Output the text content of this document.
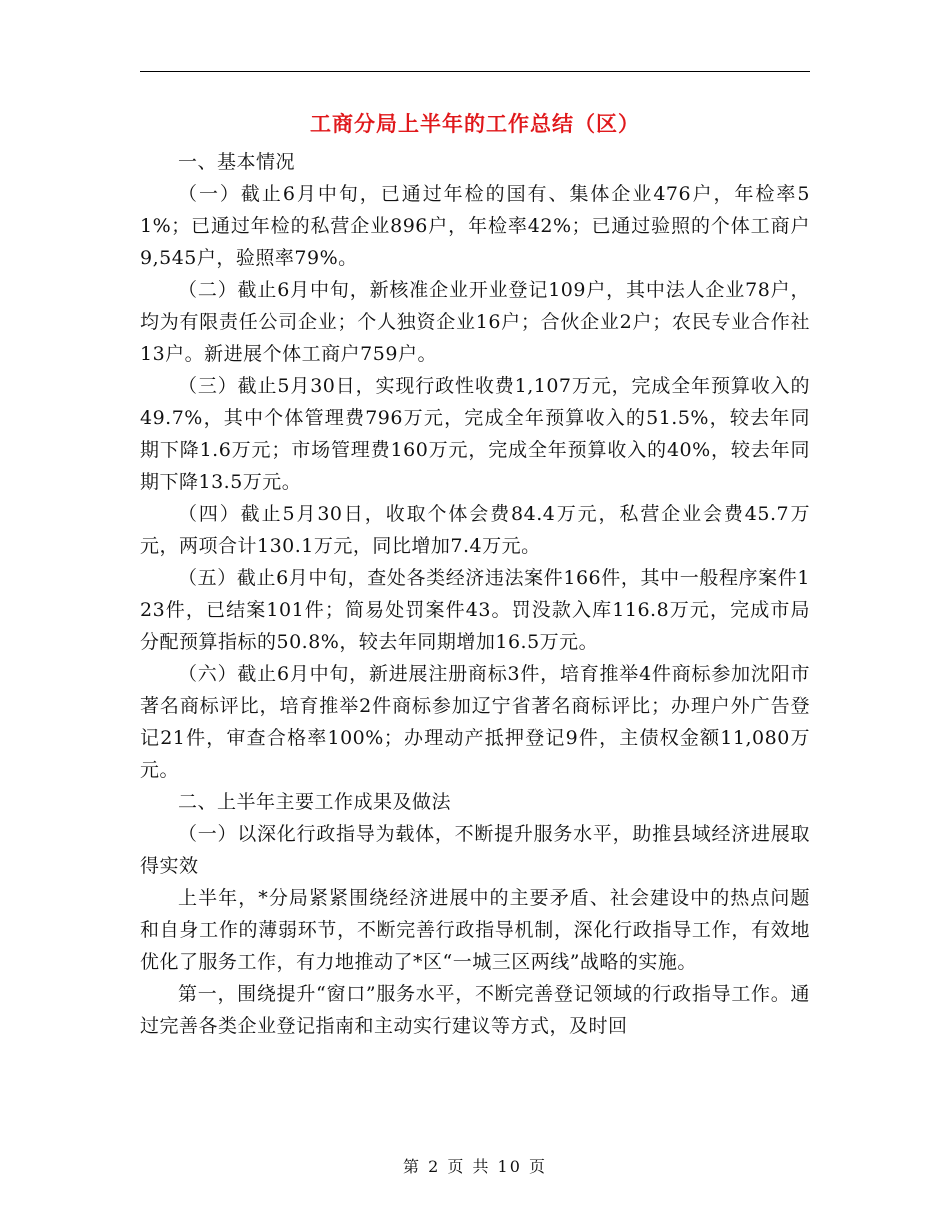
工商分局上半年的工作总结（区）

一、基本情况

（一）截止6月中旬，已通过年检的国有、集体企业476户，年检率51%；已通过年检的私营企业896户，年检率42%；已通过验照的个体工商户9,545户，验照率79%。

（二）截止6月中旬，新核准企业开业登记109户，其中法人企业78户，均为有限责任公司企业；个人独资企业16户；合伙企业2户；农民专业合作社13户。新进展个体工商户759户。

（三）截止5月30日，实现行政性收费1,107万元，完成全年预算收入的49.7%，其中个体管理费796万元，完成全年预算收入的51.5%，较去年同期下降1.6万元；市场管理费160万元，完成全年预算收入的40%，较去年同期下降13.5万元。

（四）截止5月30日，收取个体会费84.4万元，私营企业会费45.7万元，两项合计130.1万元，同比增加7.4万元。

（五）截止6月中旬，查处各类经济违法案件166件，其中一般程序案件123件，已结案101件；简易处罚案件43。罚没款入库116.8万元，完成市局分配预算指标的50.8%，较去年同期增加16.5万元。

（六）截止6月中旬，新进展注册商标3件，培育推举4件商标参加沈阳市著名商标评比，培育推举2件商标参加辽宁省著名商标评比；办理户外广告登记21件，审查合格率100%；办理动产抵押登记9件，主债权金额11,080万元。

二、上半年主要工作成果及做法

（一）以深化行政指导为载体，不断提升服务水平，助推县域经济进展取得实效

上半年，*分局紧紧围绕经济进展中的主要矛盾、社会建设中的热点问题和自身工作的薄弱环节，不断完善行政指导机制，深化行政指导工作，有效地优化了服务工作，有力地推动了*区“一城三区两线”战略的实施。

第一，围绕提升“窗口”服务水平，不断完善登记领域的行政指导工作。通过完善各类企业登记指南和主动实行建议等方式，及时回

第 2 页 共 10 页
